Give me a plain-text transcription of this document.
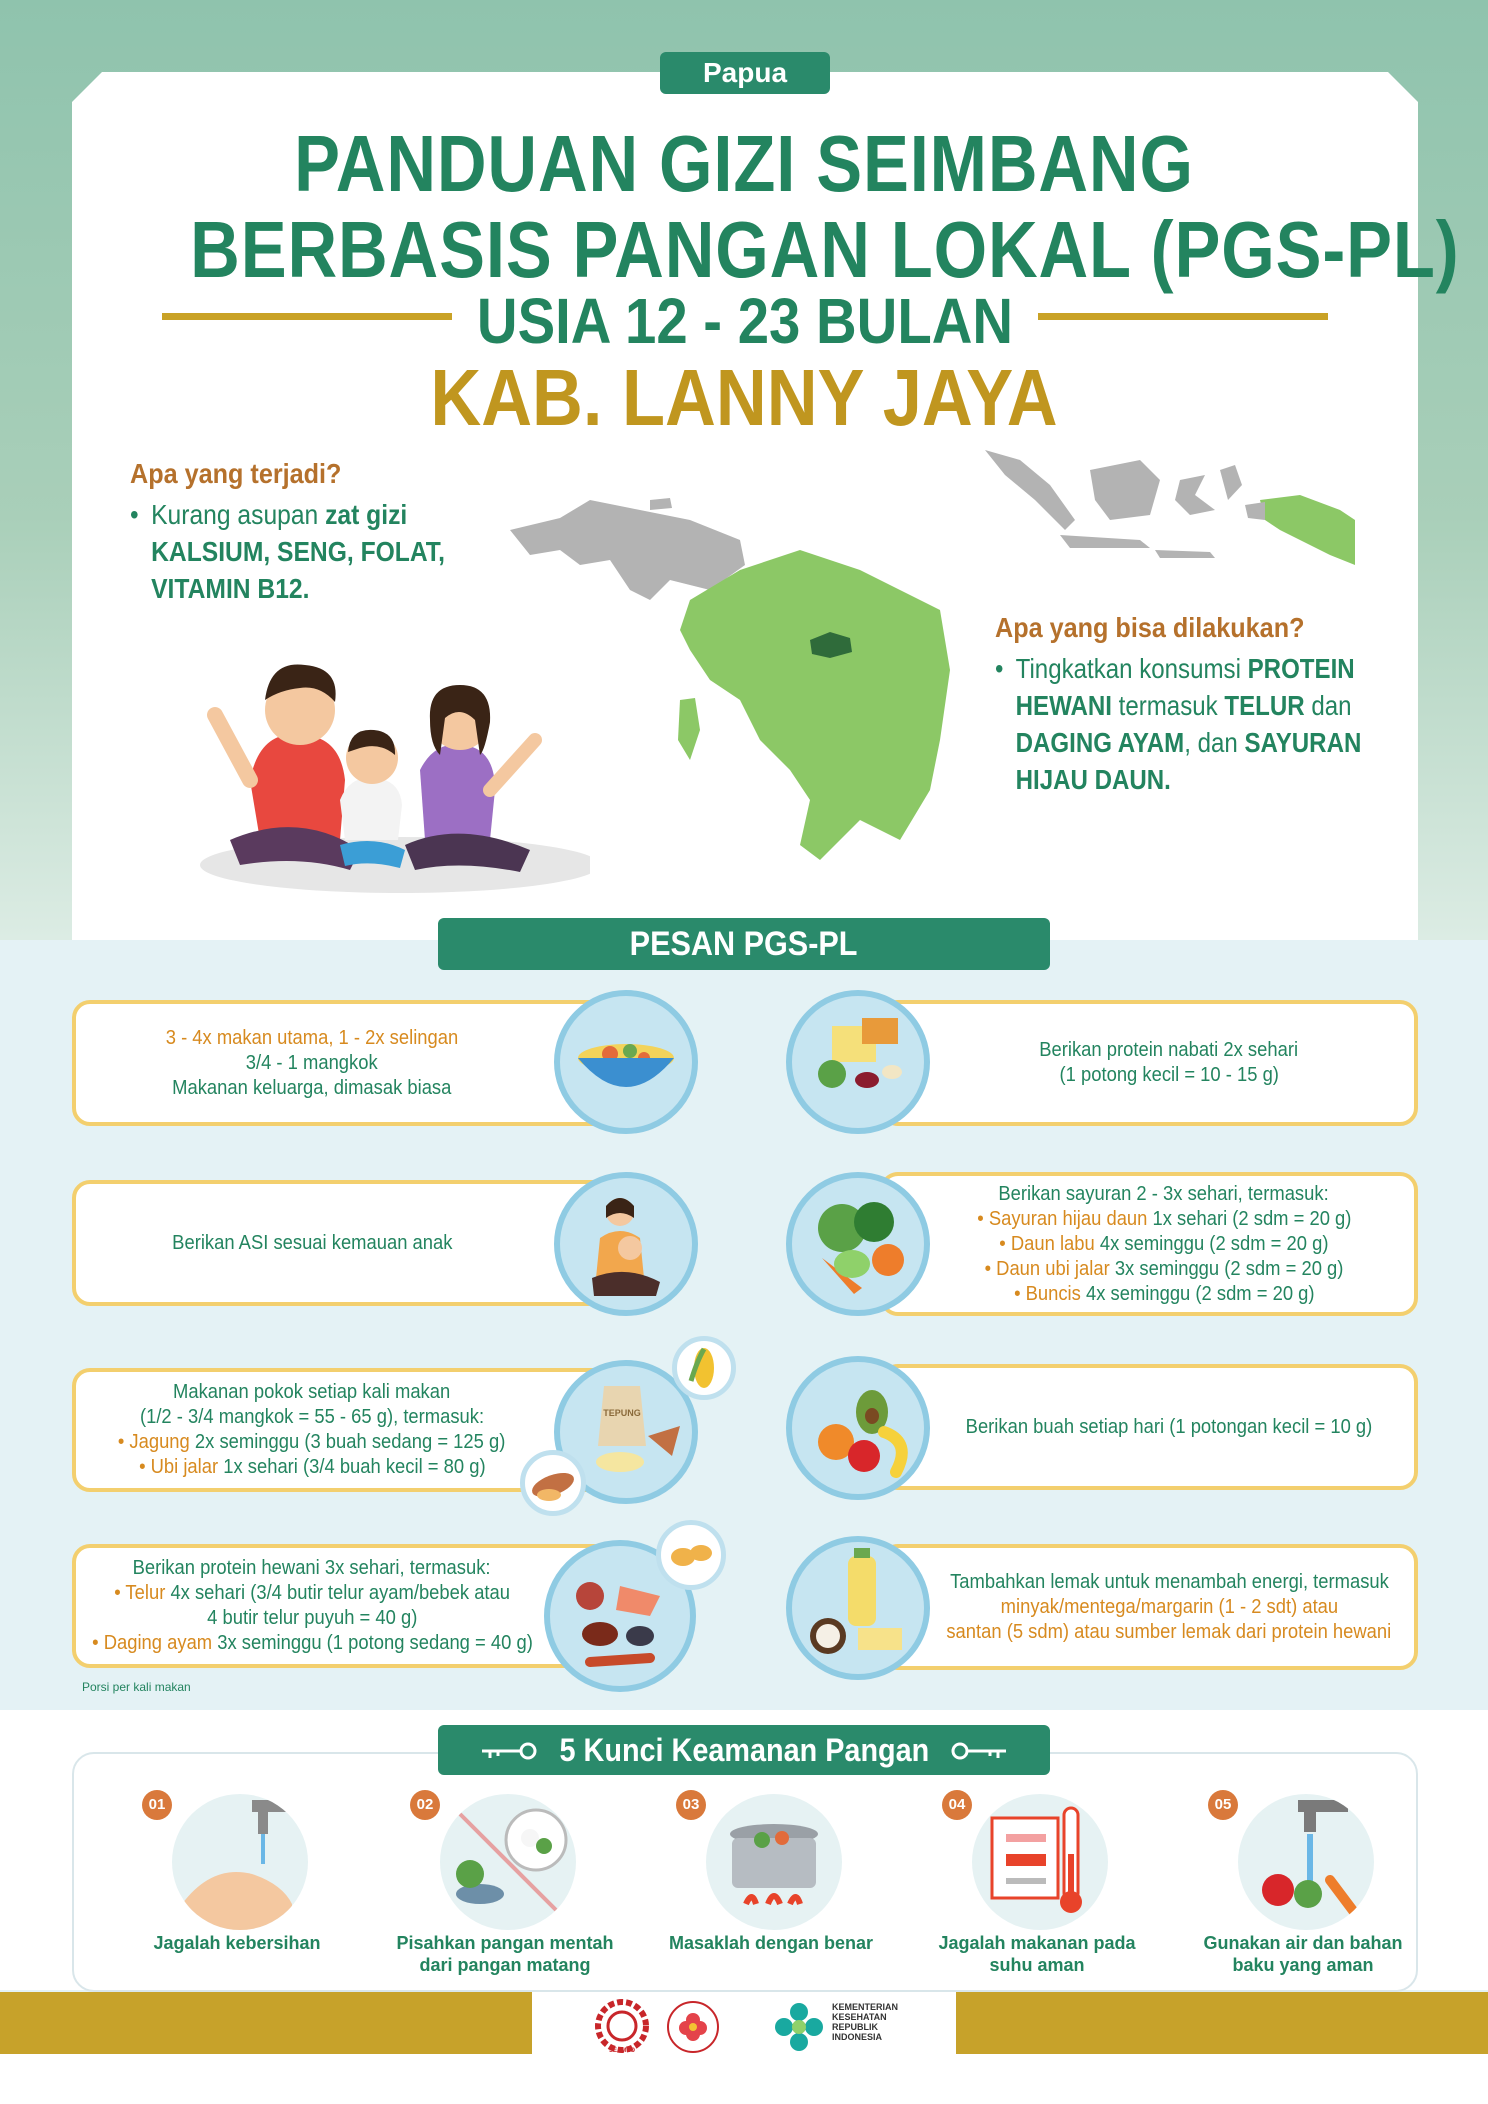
Papua
PANDUAN GIZI SEIMBANG
BERBASIS PANGAN LOKAL (PGS-PL)
USIA 12 - 23 BULAN
KAB. LANNY JAYA
Apa yang terjadi?
• Kurang asupan zat gizi
KALSIUM, SENG, FOLAT,
VITAMIN B12.
Apa yang bisa dilakukan?
• Tingkatkan konsumsi PROTEIN
HEWANI termasuk TELUR dan
DAGING AYAM, dan SAYURAN
HIJAU DAUN.
PESAN PGS-PL
3 - 4x makan utama, 1 - 2x selingan
3/4 - 1 mangkok
Makanan keluarga, dimasak biasa
Berikan protein nabati 2x sehari
(1 potong kecil = 10 - 15 g)
Berikan ASI sesuai kemauan anak
Berikan sayuran 2 - 3x sehari, termasuk:
• Sayuran hijau daun 1x sehari (2 sdm = 20 g)
• Daun labu 4x seminggu (2 sdm = 20 g)
• Daun ubi jalar 3x seminggu (2 sdm = 20 g)
• Buncis 4x seminggu (2 sdm = 20 g)
Makanan pokok setiap kali makan
(1/2 - 3/4 mangkok = 55 - 65 g), termasuk:
• Jagung 2x seminggu (3 buah sedang = 125 g)
• Ubi jalar 1x sehari (3/4 buah kecil = 80 g)
TEPUNG
Berikan buah setiap hari (1 potongan kecil = 10 g)
Berikan protein hewani 3x sehari, termasuk:
• Telur 4x sehari (3/4 butir telur ayam/bebek atau
4 butir telur puyuh = 40 g)
• Daging ayam 3x seminggu (1 potong sedang = 40 g)
Tambahkan lemak untuk menambah energi, termasuk
minyak/mentega/margarin (1 - 2 sdt) atau
santan (5 sdm) atau sumber lemak dari protein hewani
Porsi per kali makan
5 Kunci Keamanan Pangan
01
Jagalah kebersihan
02
Pisahkan pangan mentah dari pangan matang
03
Masaklah dengan benar
04
Jagalah makanan pada suhu aman
05
Gunakan air dan bahan baku yang aman
SEAMEO
KEMENTERIAN
KESEHATAN
REPUBLIK
INDONESIA
